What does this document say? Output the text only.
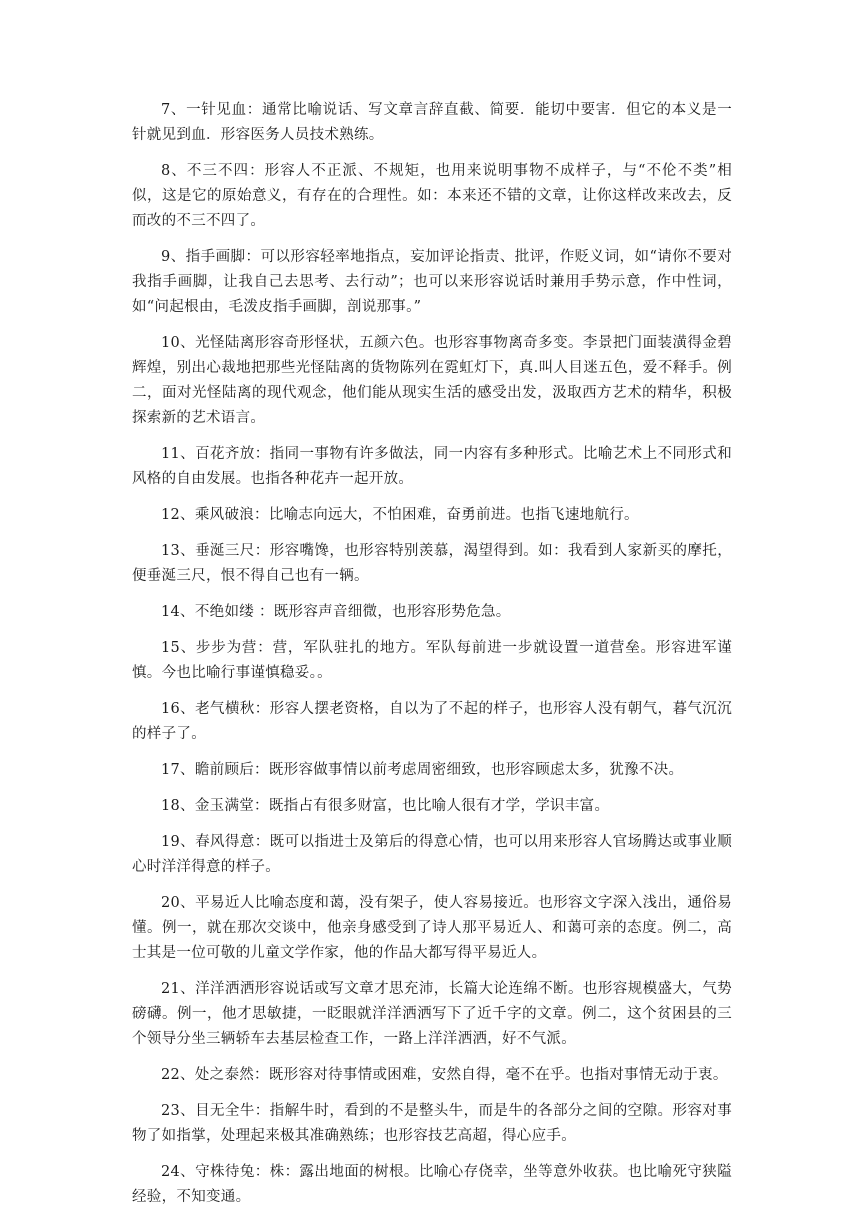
7、一针见血：通常比喻说话、写文章言辞直截、简要．能切中要害．但它的本义是一针就见到血．形容医务人员技术熟练。

8、不三不四：形容人不正派、不规矩，也用来说明事物不成样子，与“不伦不类”相似，这是它的原始意义，有存在的合理性。如：本来还不错的文章，让你这样改来改去，反而改的不三不四了。

9、指手画脚：可以形容轻率地指点，妄加评论指责、批评，作贬义词，如“请你不要对我指手画脚，让我自己去思考、去行动”；也可以来形容说话时兼用手势示意，作中性词，如“问起根由，毛泼皮指手画脚，剖说那事。”

10、光怪陆离形容奇形怪状，五颜六色。也形容事物离奇多变。李景把门面装潢得金碧辉煌，别出心裁地把那些光怪陆离的货物陈列在霓虹灯下，真.叫人目迷五色，爱不释手。例二，面对光怪陆离的现代观念，他们能从现实生活的感受出发，汲取西方艺术的精华，积极探索新的艺术语言。

11、百花齐放：指同一事物有许多做法，同一内容有多种形式。比喻艺术上不同形式和风格的自由发展。也指各种花卉一起开放。

12、乘风破浪：比喻志向远大，不怕困难，奋勇前进。也指飞速地航行。

13、垂涎三尺：形容嘴馋，也形容特别羡慕，渴望得到。如：我看到人家新买的摩托，便垂涎三尺，恨不得自己也有一辆。

14、不绝如缕 ：既形容声音细微，也形容形势危急。

15、步步为营：营，军队驻扎的地方。军队每前进一步就设置一道营垒。形容进军谨慎。今也比喻行事谨慎稳妥。。

16、老气横秋：形容人摆老资格，自以为了不起的样子，也形容人没有朝气，暮气沉沉的样子了。

17、瞻前顾后：既形容做事情以前考虑周密细致，也形容顾虑太多，犹豫不决。

18、金玉满堂：既指占有很多财富，也比喻人很有才学，学识丰富。

19、春风得意：既可以指进士及第后的得意心情，也可以用来形容人官场腾达或事业顺心时洋洋得意的样子。

20、平易近人比喻态度和蔼，没有架子，使人容易接近。也形容文字深入浅出，通俗易懂。例一，就在那次交谈中，他亲身感受到了诗人那平易近人、和蔼可亲的态度。例二，高士其是一位可敬的儿童文学作家，他的作品大都写得平易近人。

21、洋洋洒洒形容说话或写文章才思充沛，长篇大论连绵不断。也形容规模盛大，气势磅礴。例一，他才思敏捷，一眨眼就洋洋洒洒写下了近千字的文章。例二，这个贫困县的三个领导分坐三辆轿车去基层检查工作，一路上洋洋洒洒，好不气派。

22、处之泰然：既形容对待事情或困难，安然自得，毫不在乎。也指对事情无动于衷。

23、目无全牛：指解牛时，看到的不是整头牛，而是牛的各部分之间的空隙。形容对事物了如指掌，处理起来极其准确熟练；也形容技艺高超，得心应手。

24、守株待兔：株：露出地面的树根。比喻心存侥幸，坐等意外收获。也比喻死守狭隘经验，不知变通。
